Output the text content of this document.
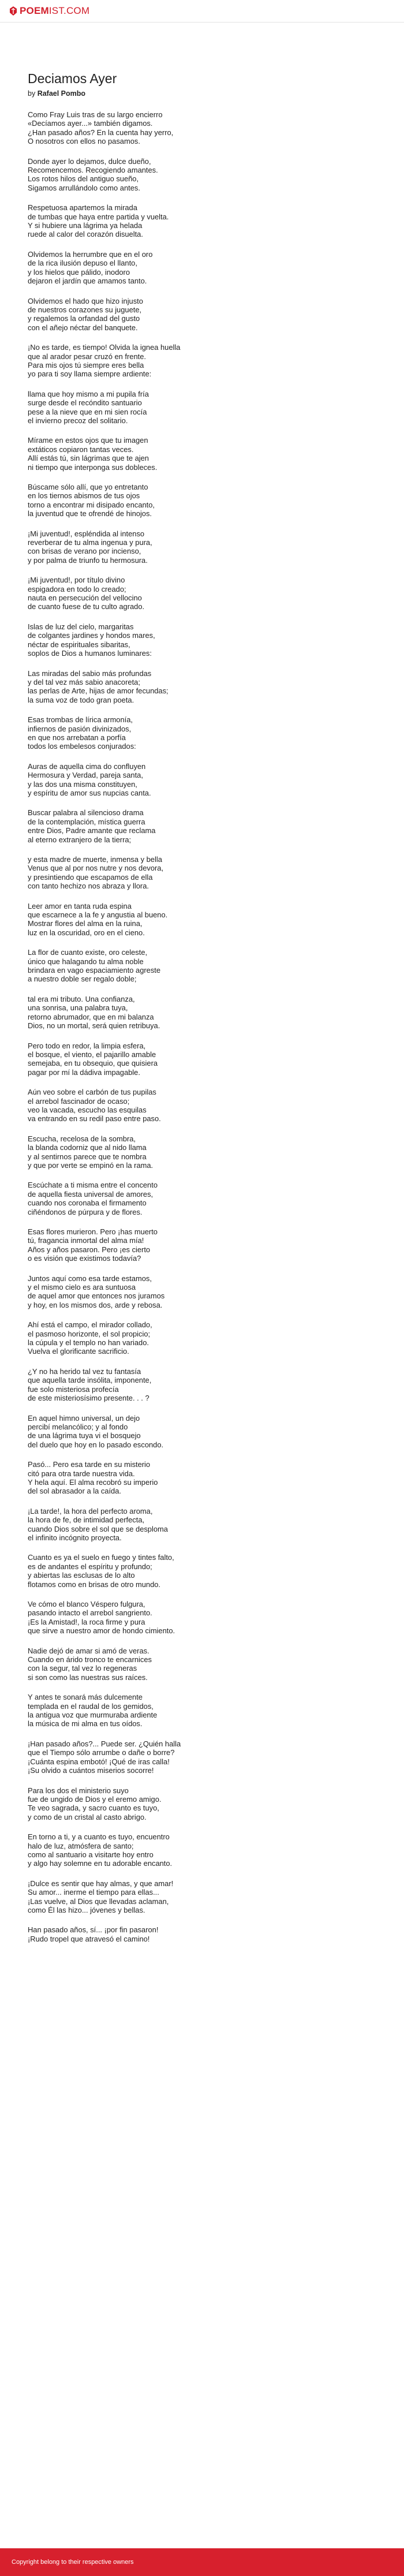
POEMIST.COM
Deciamos Ayer

by Rafael Pombo

Como Fray Luis tras de su largo encierro
«Decíamos ayer...» también digamos.
¿Han pasado años? En la cuenta hay yerro,
O nosotros con ellos no pasamos.
Donde ayer lo dejamos, dulce dueño,
Recomencemos. Recogiendo amantes.
Los rotos hilos del antiguo sueño,
Sigamos arrullándolo como antes.
Respetuosa apartemos la mirada
de tumbas que haya entre partida y vuelta.
Y si hubiere una lágrima ya helada
ruede al calor del corazón disuelta.
Olvidemos la herrumbre que en el oro
de la rica ilusión depuso el llanto,
y los hielos que pálido, inodoro
dejaron el jardín que amamos tanto.
Olvidemos el hado que hizo injusto
de nuestros corazones su juguete,
y regalemos la orfandad del gusto
con el añejo néctar del banquete.
¡No es tarde, es tiempo! Olvida la ignea huella
que al arador pesar cruzó en frente.
Para mis ojos tú siempre eres bella
yo para ti soy llama siempre ardiente:
llama que hoy mismo a mi pupila fría
surge desde el recóndito santuario
pese a la nieve que en mi sien rocía
el invierno precoz del solitario.
Mírame en estos ojos que tu imagen
extáticos copiaron tantas veces.
Allí estás tú, sin lágrimas que te ajen
ni tiempo que interponga sus dobleces.
Búscame sólo allí, que yo entretanto
en los tiernos abismos de tus ojos
torno a encontrar mi disipado encanto,
la juventud que te ofrendé de hinojos.
¡Mi juventud!, espléndida al intenso
reverberar de tu alma ingenua y pura,
con brisas de verano por incienso,
y por palma de triunfo tu hermosura.
¡Mi juventud!, por título divino
espigadora en todo lo creado;
nauta en persecución del vellocino
de cuanto fuese de tu culto agrado.
Islas de luz del cielo, margaritas
de colgantes jardines y hondos mares,
néctar de espirituales sibaritas,
soplos de Dios a humanos luminares:
Las miradas del sabio más profundas
y del tal vez más sabio anacoreta;
las perlas de Arte, hijas de amor fecundas;
la suma voz de todo gran poeta.
Esas trombas de lírica armonía,
infiernos de pasión divinizados,
en que nos arrebatan a porfía
todos los embelesos conjurados:
Auras de aquella cima do confluyen
Hermosura y Verdad, pareja santa,
y las dos una misma constituyen,
y espíritu de amor sus nupcias canta.
Buscar palabra al silencioso drama
de la contemplación, mística guerra
entre Dios, Padre amante que reclama
al eterno extranjero de la tierra;
y esta madre de muerte, inmensa y bella
Venus que al por nos nutre y nos devora,
y presintiendo que escapamos de ella
con tanto hechizo nos abraza y llora.
Leer amor en tanta ruda espina
que escarnece a la fe y angustia al bueno.
Mostrar flores del alma en la ruina,
luz en la oscuridad, oro en el cieno.
La flor de cuanto existe, oro celeste,
único que halagando tu alma noble
brindara en vago espaciamiento agreste
a nuestro doble ser regalo doble;
tal era mi tributo. Una confianza,
una sonrisa, una palabra tuya,
retorno abrumador, que en mi balanza
Dios, no un mortal, será quien retribuya.
Pero todo en redor, la limpia esfera,
el bosque, el viento, el pajarillo amable
semejaba, en tu obsequio, que quisiera
pagar por mí la dádiva impagable.
Aún veo sobre el carbón de tus pupilas
el arrebol fascinador de ocaso;
veo la vacada, escucho las esquilas
va entrando en su redil paso entre paso.
Escucha, recelosa de la sombra,
la blanda codorniz que al nido llama
y al sentirnos parece que te nombra
y que por verte se empinó en la rama.
Escúchate a ti misma entre el concento
de aquella fiesta universal de amores,
cuando nos coronaba el firmamento
ciñéndonos de púrpura y de flores.
Esas flores murieron. Pero ¡has muerto
tú, fragancia inmortal del alma mía!
Años y años pasaron. Pero ¡es cierto
o es visión que existimos todavía?
Juntos aquí como esa tarde estamos,
y el mismo cielo es ara suntuosa
de aquel amor que entonces nos juramos
y hoy, en los mismos dos, arde y rebosa.
Ahí está el campo, el mirador collado,
el pasmoso horizonte, el sol propicio;
la cúpula y el templo no han variado.
Vuelva el glorificante sacrificio.
¿Y no ha herido tal vez tu fantasía
que aquella tarde insólita, imponente,
fue solo misteriosa profecía
de este misteriosísimo presente. . . ?
En aquel himno universal, un dejo
percibí melancólico; y al fondo
de una lágrima tuya vi el bosquejo
del duelo que hoy en lo pasado escondo.
Pasó... Pero esa tarde en su misterio
citó para otra tarde nuestra vida.
Y hela aquí. El alma recobró su imperio
del sol abrasador a la caída.
¡La tarde!, la hora del perfecto aroma,
la hora de fe, de intimidad perfecta,
cuando Dios sobre el sol que se desploma
el infinito incógnito proyecta.
Cuanto es ya el suelo en fuego y tintes falto,
es de andantes el espíritu y profundo;
y abiertas las esclusas de lo alto
flotamos como en brisas de otro mundo.
Ve cómo el blanco Véspero fulgura,
pasando intacto el arrebol sangriento.
¡Es la Amistad!, la roca firme y pura
que sirve a nuestro amor de hondo cimiento.
Nadie dejó de amar si amó de veras.
Cuando en árido tronco te encarnices
con la segur, tal vez lo regeneras
si son como las nuestras sus raíces.
Y antes te sonará más dulcemente
templada en el raudal de los gemidos,
la antigua voz que murmuraba ardiente
la música de mi alma en tus oídos.
¡Han pasado años?... Puede ser. ¿Quién halla
que el Tiempo sólo arrumbe o dañe o borre?
¡Cuánta espina embotó! ¡Qué de iras calla!
¡Su olvido a cuántos miserios socorre!
Para los dos el ministerio suyo
fue de ungido de Dios y el eremo amigo.
Te veo sagrada, y sacro cuanto es tuyo,
y como de un cristal al casto abrigo.
En torno a ti, y a cuanto es tuyo, encuentro
halo de luz, atmósfera de santo;
como al santuario a visitarte hoy entro
y algo hay solemne en tu adorable encanto.
¡Dulce es sentir que hay almas, y que amar!
Su amor... inerme el tiempo para ellas...
¡Las vuelve, al Dios que llevadas aclaman,
como Él las hizo... jóvenes y bellas.
Han pasado años, sí... ¡por fin pasaron!
¡Rudo tropel que atravesó el camino!
Copyright belong to their respective owners
